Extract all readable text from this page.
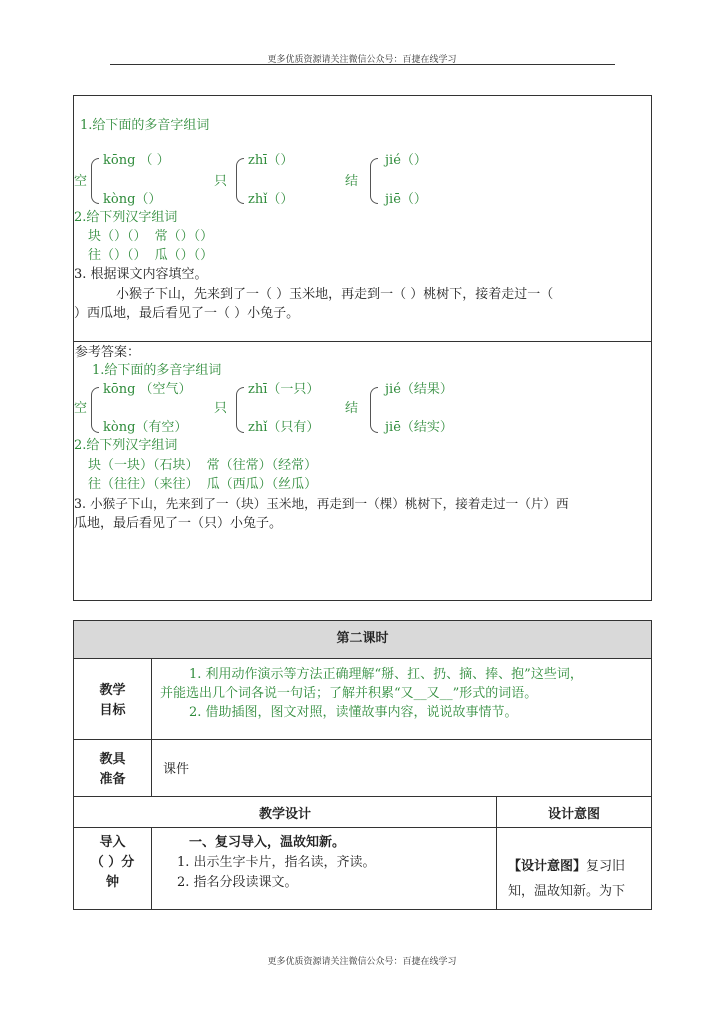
更多优质资源请关注微信公众号：百捷在线学习
1.给下面的多音字组词
kōng （ ）
空
kòng（）
zhī（）
只
zhǐ（）
jié（）
结
jiē（）
2.给下列汉字组词
块（）（） 常（）（）
往（）（） 瓜（）（）
3. 根据课文内容填空。
小猴子下山，先来到了一（ ）玉米地，再走到一（ ）桃树下，接着走过一（
）西瓜地，最后看见了一（ ）小兔子。
参考答案：
1.给下面的多音字组词
kōng （空气）
空
kòng（有空）
zhī（一只）
只
zhǐ（只有）
jié（结果）
结
jiē（结实）
2.给下列汉字组词
块（一块）（石块） 常（往常）（经常）
往（往往）（来往） 瓜（西瓜）（丝瓜）
3. 小猴子下山，先来到了一（块）玉米地，再走到一（棵）桃树下，接着走过一（片）西
瓜地，最后看见了一（只）小兔子。
第二课时
教学
目标
1. 利用动作演示等方法正确理解“掰、扛、扔、摘、捧、抱”这些词，
并能选出几个词各说一句话；了解并积累“又__又__”形式的词语。
2. 借助插图，图文对照，读懂故事内容，说说故事情节。
教具
准备
课件
教学设计	设计意图
导入
（ ）分
钟
一、复习导入，温故知新。
1. 出示生字卡片，指名读，齐读。
2. 指名分段读课文。
【设计意图】复习旧
知，温故知新。为下
更多优质资源请关注微信公众号：百捷在线学习
